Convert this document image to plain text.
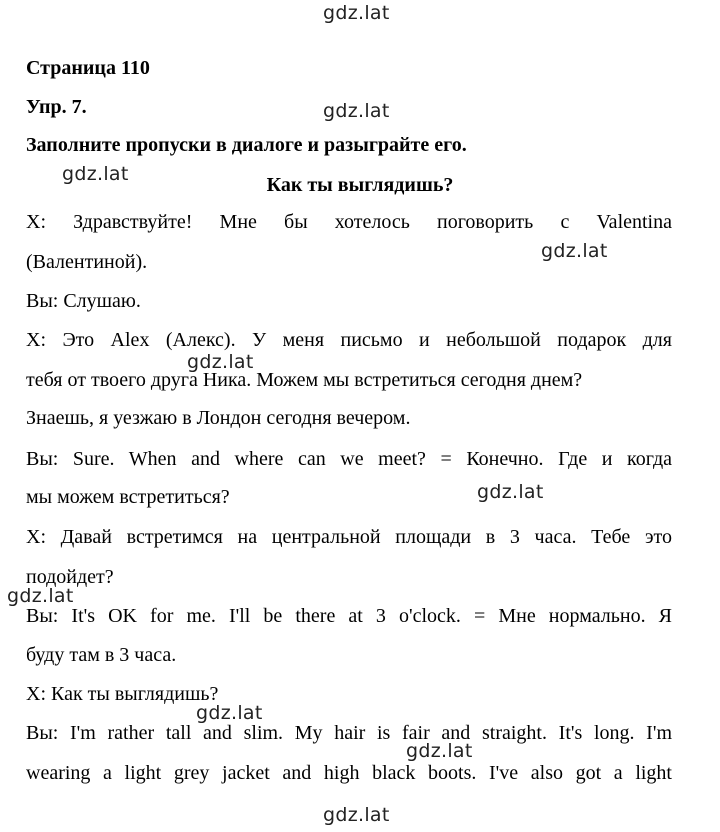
Страница 110
Упр. 7.
Заполните пропуски в диалоге и разыграйте его.
Как ты выглядишь?
X: Здравствуйте! Мне бы хотелось поговорить с Valentina
(Валентиной).
Вы: Слушаю.
X: Это Alex (Алекс). У меня письмо и небольшой подарок для
тебя от твоего друга Ника. Можем мы встретиться сегодня днем?
Знаешь, я уезжаю в Лондон сегодня вечером.
Вы: Sure. When and where can we meet? = Конечно. Где и когда
мы можем встретиться?
X: Давай встретимся на центральной площади в 3 часа. Тебе это
подойдет?
Вы: It's OK for me. I'll be there at 3 o'clock. = Мне нормально. Я
буду там в 3 часа.
X: Как ты выглядишь?
Вы: I'm rather tall and slim. My hair is fair and straight. It's long. I'm
wearing a light grey jacket and high black boots. I've also got a light
gdz.lat
gdz.lat
gdz.lat
gdz.lat
gdz.lat
gdz.lat
gdz.lat
gdz.lat
gdz.lat
gdz.lat
